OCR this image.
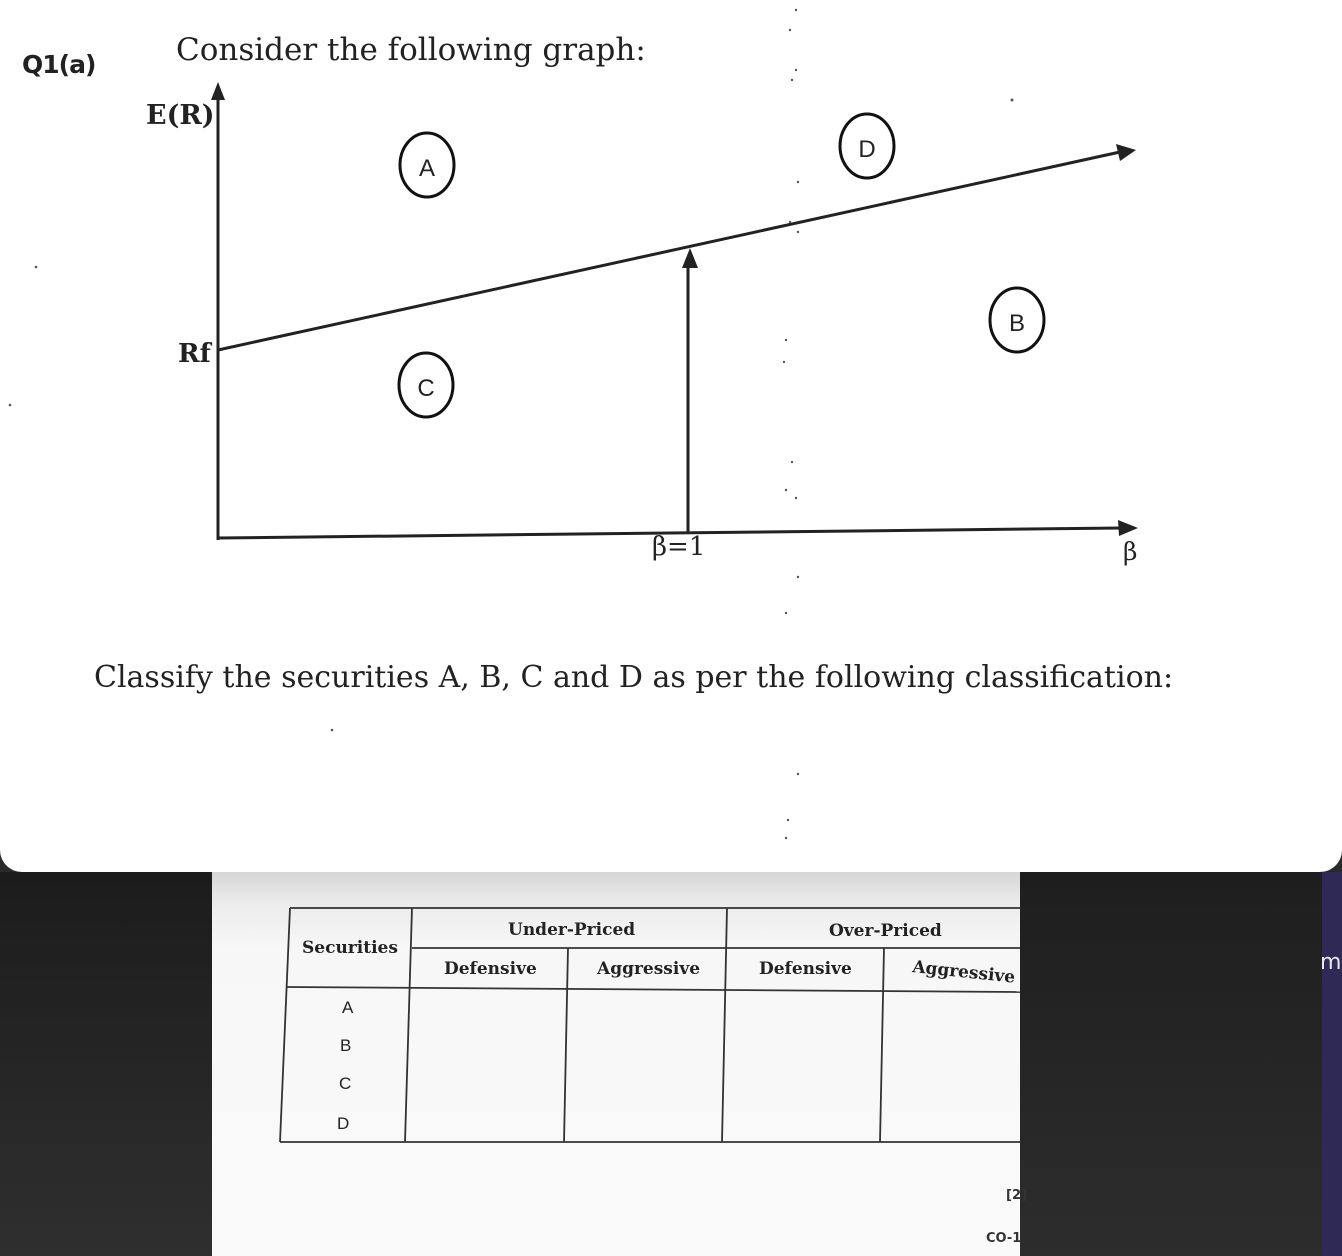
Q1(a)	Consider the following graph:
E(R)
Rf
β=1	β
A
B
C
D
Classify the securities A, B, C and D as per the following classification:
m
Securities
Under-Priced	Over-Priced
Defensive	Aggressive	Defensive	Aggressive
A
B
C
D
[2]
CO-1
